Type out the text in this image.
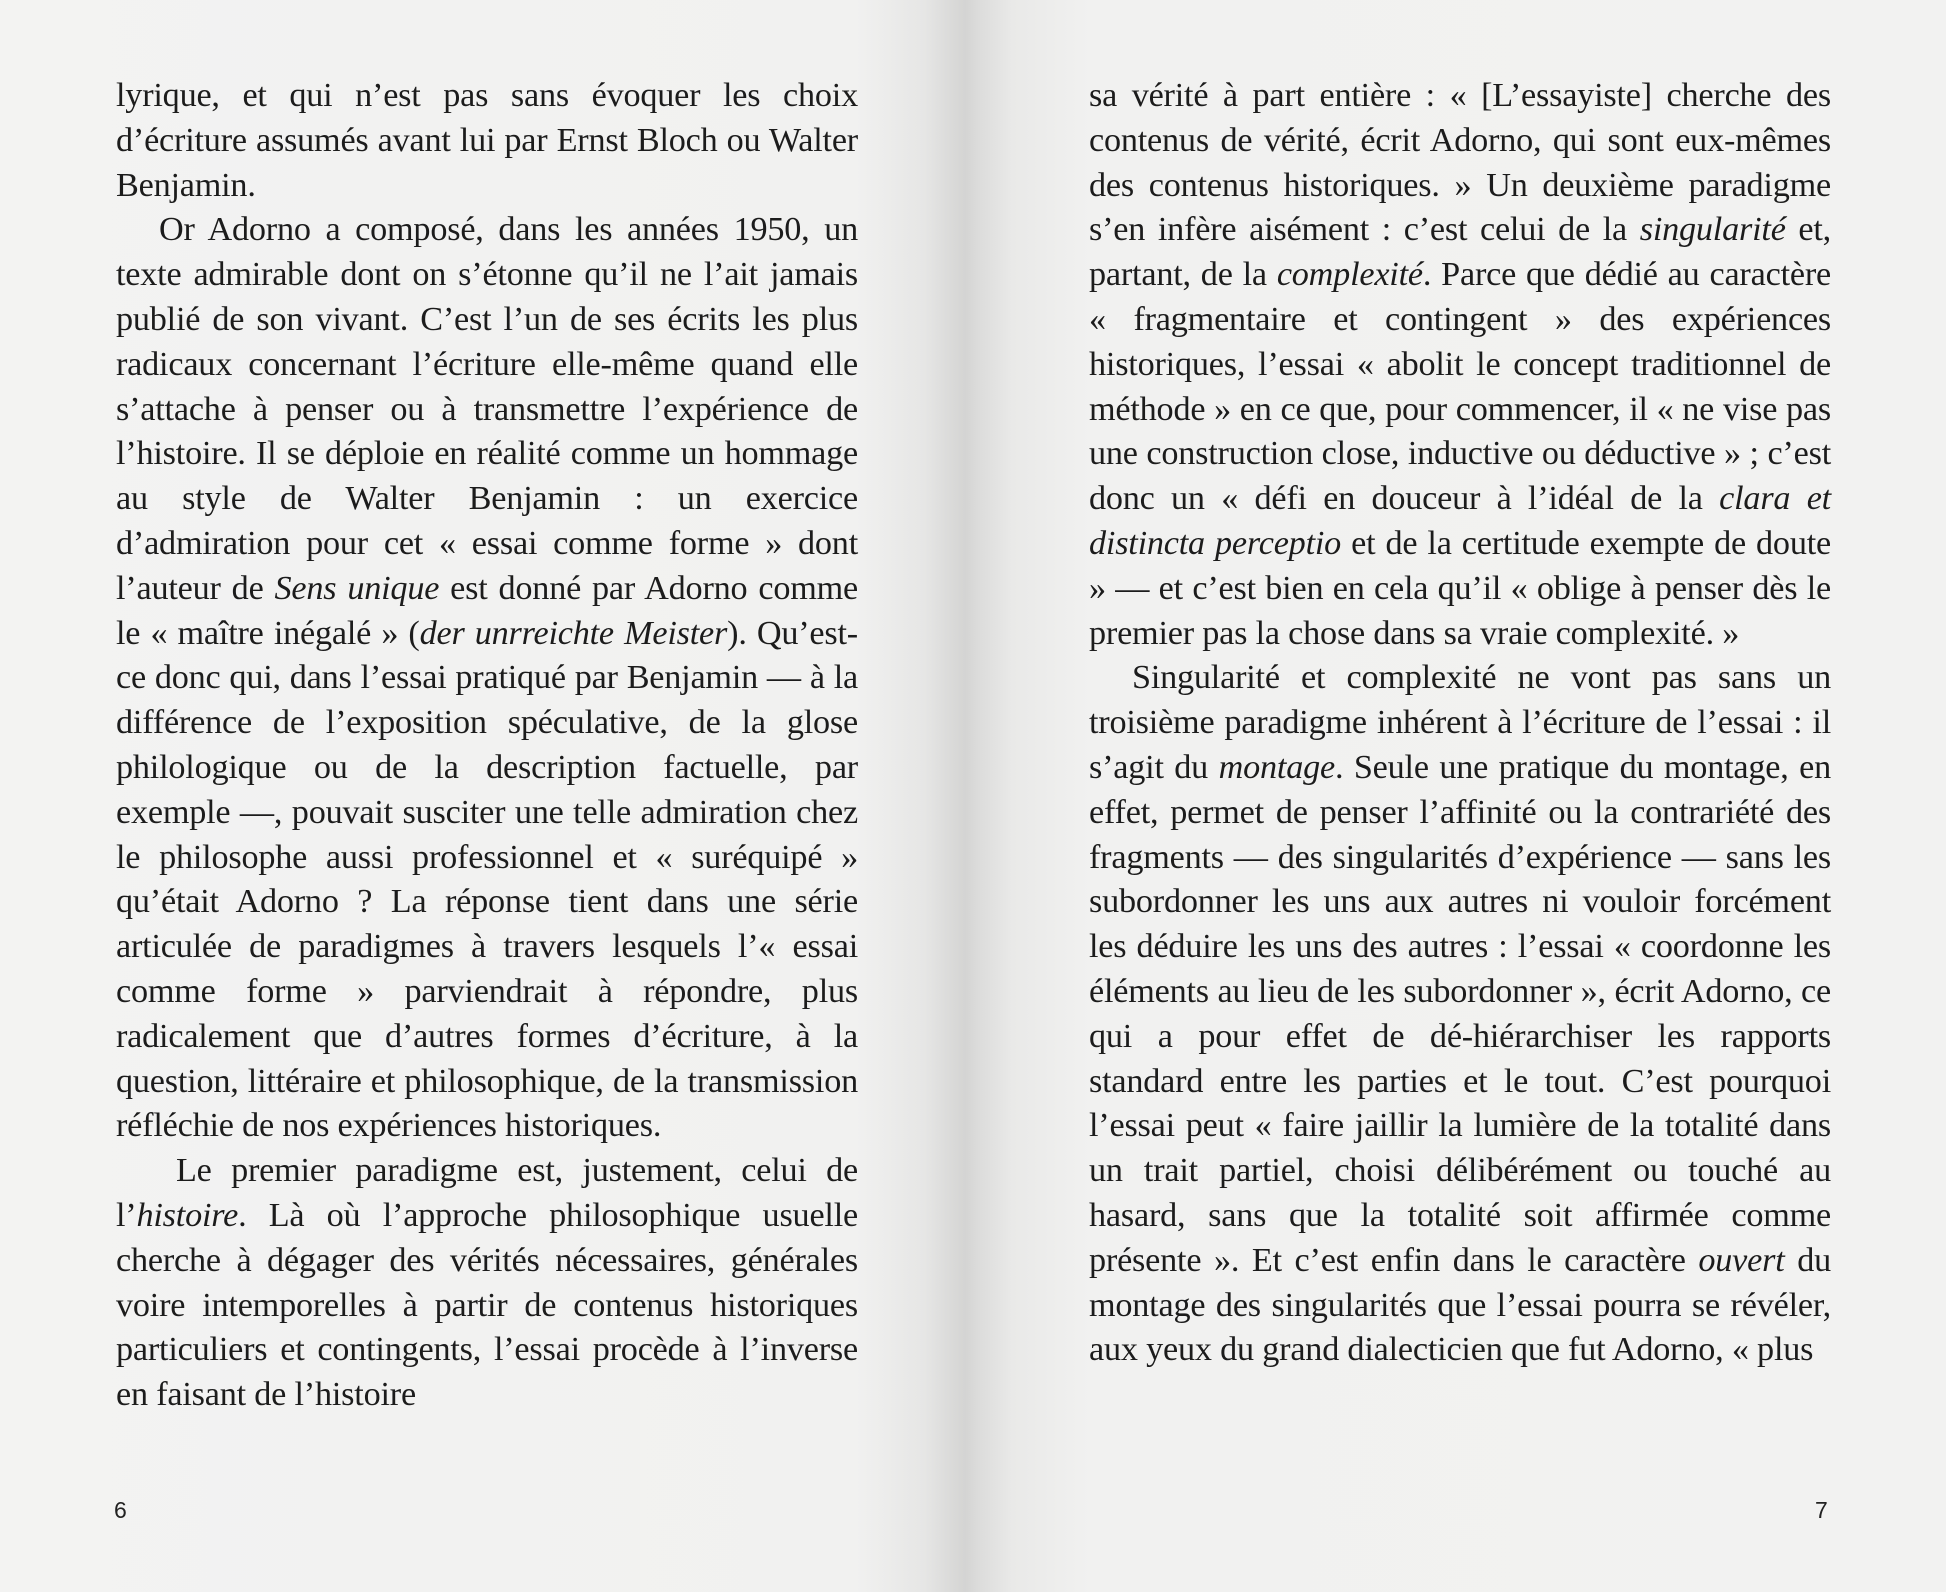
lyrique, et qui n’est pas sans évoquer les choix d’écriture assumés avant lui par Ernst Bloch ou Walter Benjamin.

Or Adorno a composé, dans les années 1950, un texte admirable dont on s’étonne qu’il ne l’ait jamais publié de son vivant. C’est l’un de ses écrits les plus radicaux concernant l’écriture elle-même quand elle s’attache à penser ou à transmettre l’expérience de l’histoire. Il se déploie en réalité comme un hommage au style de Walter Benjamin : un exercice d’admiration pour cet « essai comme forme » dont l’auteur de Sens unique est donné par Adorno comme le « maître inégalé » (der unrreichte Meister). Qu’est-ce donc qui, dans l’essai pratiqué par Benjamin — à la différence de l’exposition spéculative, de la glose philologique ou de la description factuelle, par exemple —, pouvait susciter une telle admiration chez le philosophe aussi professionnel et « suréquipé » qu’était Adorno ? La réponse tient dans une série articulée de paradigmes à travers lesquels l’« essai comme forme » parviendrait à répondre, plus radicalement que d’autres formes d’écriture, à la question, littéraire et philosophique, de la transmission réfléchie de nos expériences historiques.

Le premier paradigme est, justement, celui de l’histoire. Là où l’approche philosophique usuelle cherche à dégager des vérités nécessaires, générales voire intemporelles à partir de contenus historiques particuliers et contingents, l’essai procède à l’inverse en faisant de l’histoire

6

sa vérité à part entière : « [L’essayiste] cherche des contenus de vérité, écrit Adorno, qui sont eux-mêmes des contenus historiques. » Un deuxième paradigme s’en infère aisément : c’est celui de la singularité et, partant, de la complexité. Parce que dédié au caractère « fragmentaire et contingent » des expériences historiques, l’essai « abolit le concept traditionnel de méthode » en ce que, pour commencer, il « ne vise pas une construction close, inductive ou déductive » ; c’est donc un « défi en douceur à l’idéal de la clara et distincta perceptio et de la certitude exempte de doute » — et c’est bien en cela qu’il « oblige à penser dès le premier pas la chose dans sa vraie complexité. »

Singularité et complexité ne vont pas sans un troisième paradigme inhérent à l’écriture de l’essai : il s’agit du montage. Seule une pratique du montage, en effet, permet de penser l’affinité ou la contrariété des fragments — des singularités d’expérience — sans les subordonner les uns aux autres ni vouloir forcément les déduire les uns des autres : l’essai « coordonne les éléments au lieu de les subordonner », écrit Adorno, ce qui a pour effet de dé-hiérarchiser les rapports standard entre les parties et le tout. C’est pourquoi l’essai peut « faire jaillir la lumière de la totalité dans un trait partiel, choisi délibérément ou touché au hasard, sans que la totalité soit affirmée comme présente ». Et c’est enfin dans le caractère ouvert du montage des singularités que l’essai pourra se révéler, aux yeux du grand dialecticien que fut Adorno, « plus

7
